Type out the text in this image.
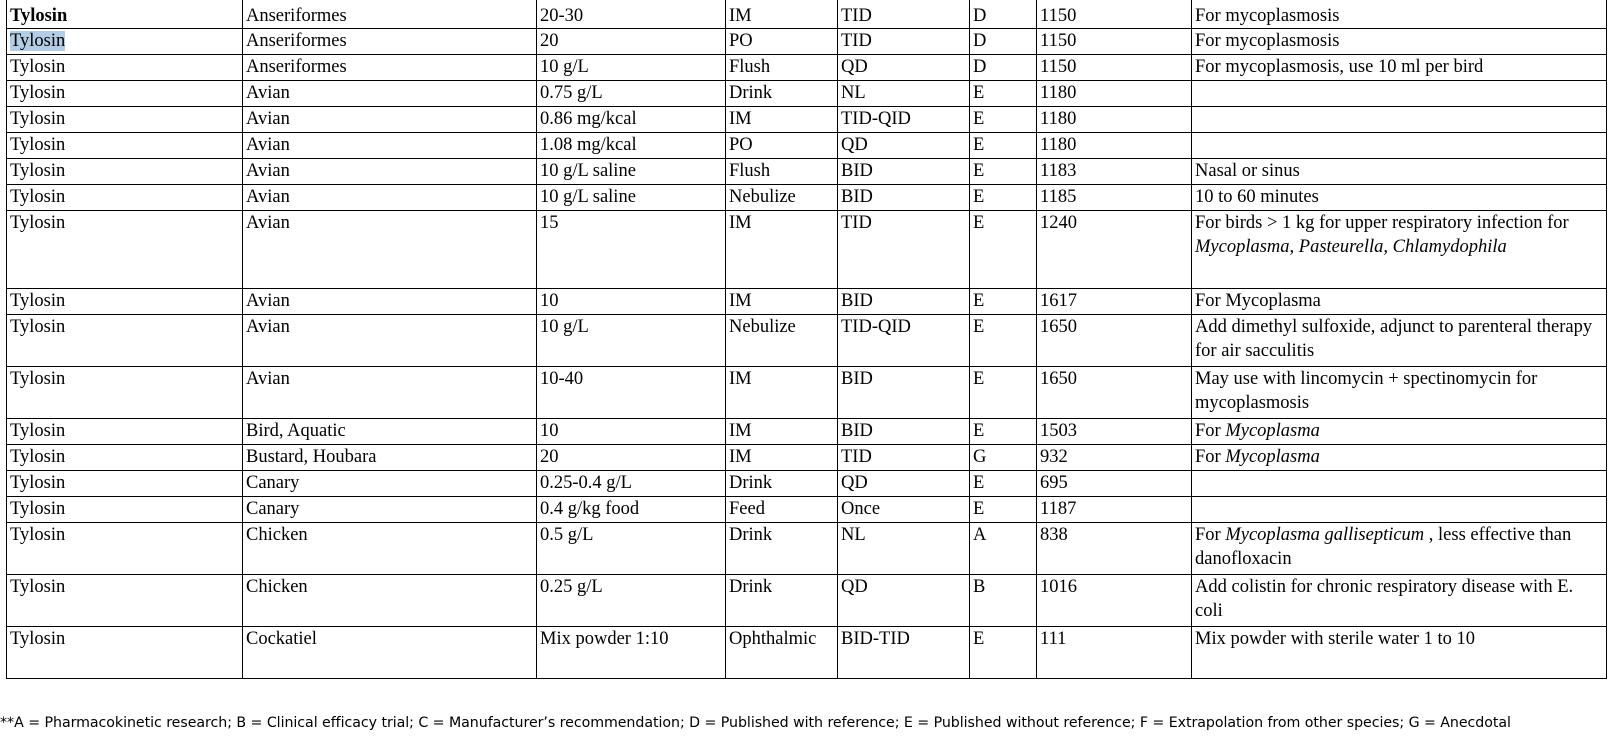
Tylosin	Anseriformes	20-30	IM	TID	D	1150	For mycoplasmosis
Tylosin	Anseriformes	20	PO	TID	D	1150	For mycoplasmosis
Tylosin	Anseriformes	10 g/L	Flush	QD	D	1150	For mycoplasmosis, use 10 ml per bird
Tylosin	Avian	0.75 g/L	Drink	NL	E	1180	
Tylosin	Avian	0.86 mg/kcal	IM	TID-QID	E	1180	
Tylosin	Avian	1.08 mg/kcal	PO	QD	E	1180	
Tylosin	Avian	10 g/L saline	Flush	BID	E	1183	Nasal or sinus
Tylosin	Avian	10 g/L saline	Nebulize	BID	E	1185	10 to 60 minutes
Tylosin	Avian	15	IM	TID	E	1240	For birds > 1 kg for upper respiratory infection for Mycoplasma, Pasteurella, Chlamydophila
Tylosin	Avian	10	IM	BID	E	1617	For Mycoplasma
Tylosin	Avian	10 g/L	Nebulize	TID-QID	E	1650	Add dimethyl sulfoxide, adjunct to parenteral therapy for air sacculitis
Tylosin	Avian	10-40	IM	BID	E	1650	May use with lincomycin + spectinomycin for mycoplasmosis
Tylosin	Bird, Aquatic	10	IM	BID	E	1503	For Mycoplasma
Tylosin	Bustard, Houbara	20	IM	TID	G	932	For Mycoplasma
Tylosin	Canary	0.25-0.4 g/L	Drink	QD	E	695	
Tylosin	Canary	0.4 g/kg food	Feed	Once	E	1187	
Tylosin	Chicken	0.5 g/L	Drink	NL	A	838	For Mycoplasma gallisepticum , less effective than danofloxacin
Tylosin	Chicken	0.25 g/L	Drink	QD	B	1016	Add colistin for chronic respiratory disease with E. coli
Tylosin	Cockatiel	Mix powder 1:10	Ophthalmic	BID-TID	E	111	Mix powder with sterile water 1 to 10
**A = Pharmacokinetic research; B = Clinical efficacy trial; C = Manufacturer’s recommendation; D = Published with reference; E = Published without reference; F = Extrapolation from other species; G = Anecdotal
